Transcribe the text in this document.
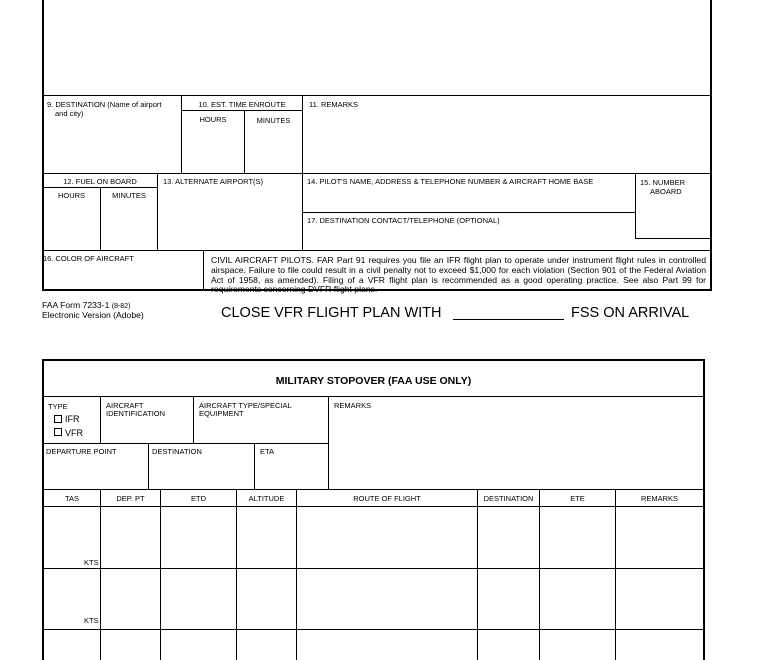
9. DESTINATION (Name of airport
and city)
10. EST. TIME ENROUTE
HOURS	MINUTES
11. REMARKS
12. FUEL ON BOARD
HOURS	MINUTES
13. ALTERNATE AIRPORT(S)	14. PILOT'S NAME, ADDRESS & TELEPHONE NUMBER & AIRCRAFT HOME BASE	15. NUMBER
ABOARD
17. DESTINATION CONTACT/TELEPHONE (OPTIONAL)
16. COLOR OF AIRCRAFT	CIVIL AIRCRAFT PILOTS. FAR Part 91 requires you file an IFR flight plan to operate under instrument flight rules in controlled airspace. Failure to file could result in a civil penalty not to exceed $1,000 for each violation (Section 901 of the Federal Aviation Act of 1958, as amended). Filing of a VFR flight plan is recommended as a good operating practice. See also Part 99 for requirements concerning DVFR flight plans.
FAA Form 7233-1 (8-82)
Electronic Version (Adobe)	CLOSE VFR FLIGHT PLAN WITH	FSS ON ARRIVAL
MILITARY STOPOVER (FAA USE ONLY)
TYPE
IFR
VFR
AIRCRAFT
IDENTIFICATION
AIRCRAFT TYPE/SPECIAL
EQUIPMENT
REMARKS
DEPARTURE POINT	DESTINATION	ETA
TAS	DEP. PT	ETD	ALTITUDE	ROUTE OF FLIGHT	DESTINATION	ETE	REMARKS
KTS
KTS
